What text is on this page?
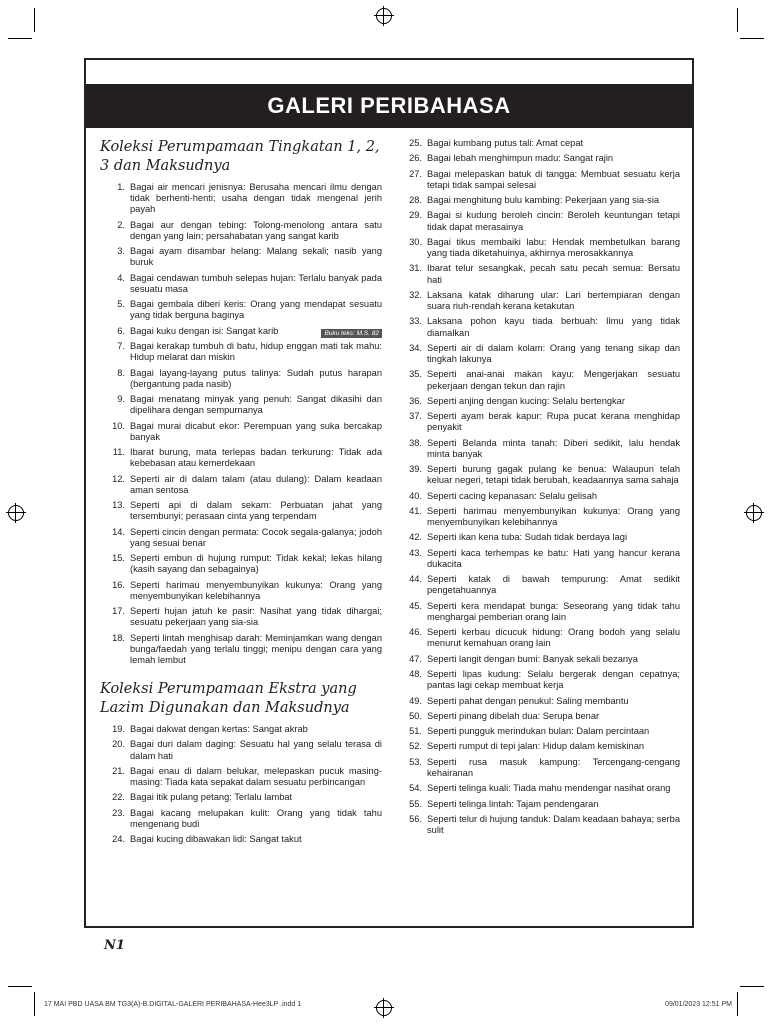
GALERI PERIBAHASA
Koleksi Perumpamaan Tingkatan 1, 2, 3 dan Maksudnya
1. Bagai air mencari jenisnya: Berusaha mencari ilmu dengan tidak berhenti-henti; usaha dengan tidak mengenal jerih payah
2. Bagai aur dengan tebing: Tolong-menolong antara satu dengan yang lain; persahabatan yang sangat karib
3. Bagai ayam disambar helang: Malang sekali; nasib yang buruk
4. Bagai cendawan tumbuh selepas hujan: Terlalu banyak pada sesuatu masa
5. Bagai gembala diberi keris: Orang yang mendapat sesuatu yang tidak berguna baginya
6. Bagai kuku dengan isi: Sangat karib
7. Bagai kerakap tumbuh di batu, hidup enggan mati tak mahu: Hidup melarat dan miskin
8. Bagai layang-layang putus talinya: Sudah putus harapan (bergantung pada nasib)
9. Bagai menatang minyak yang penuh: Sangat dikasihi dan dipelihara dengan sempurnanya
10. Bagai murai dicabut ekor: Perempuan yang suka bercakap banyak
11. Ibarat burung, mata terlepas badan terkurung: Tidak ada kebebasan atau kemerdekaan
12. Seperti air di dalam talam (atau dulang): Dalam keadaan aman sentosa
13. Seperti api di dalam sekam: Perbuatan jahat yang tersembunyi; perasaan cinta yang terpendam
14. Seperti cincin dengan permata: Cocok segala-galanya; jodoh yang sesuai benar
15. Seperti embun di hujung rumput: Tidak kekal; lekas hilang (kasih sayang dan sebagainya)
16. Seperti harimau menyembunyikan kukunya: Orang yang menyembunyikan kelebihannya
17. Seperti hujan jatuh ke pasir: Nasihat yang tidak dihargai; sesuatu pekerjaan yang sia-sia
18. Seperti lintah menghisap darah: Meminjamkan wang dengan bunga/faedah yang terlalu tinggi; menipu dengan cara yang lemah lembut
Koleksi Perumpamaan Ekstra yang Lazim Digunakan dan Maksudnya
19. Bagai dakwat dengan kertas: Sangat akrab
20. Bagai duri dalam daging: Sesuatu hal yang selalu terasa di dalam hati
21. Bagai enau di dalam belukar, melepaskan pucuk masing-masing: Tiada kata sepakat dalam sesuatu perbincangan
22. Bagai itik pulang petang: Terlalu lambat
23. Bagai kacang melupakan kulit: Orang yang tidak tahu mengenang budi
24. Bagai kucing dibawakan lidi: Sangat takut
Buku teks: M.S. 82
25. Bagai kumbang putus tali: Amat cepat
26. Bagai lebah menghimpun madu: Sangat rajin
27. Bagai melepaskan batuk di tangga: Membuat sesuatu kerja tetapi tidak sampai selesai
28. Bagai menghitung bulu kambing: Pekerjaan yang sia-sia
29. Bagai si kudung beroleh cincin: Beroleh keuntungan tetapi tidak dapat merasainya
30. Bagai tikus membaiki labu: Hendak membetulkan barang yang tiada diketahuinya, akhirnya merosakkannya
31. Ibarat telur sesangkak, pecah satu pecah semua: Bersatu hati
32. Laksana katak diharung ular: Lari bertempiaran dengan suara riuh-rendah kerana ketakutan
33. Laksana pohon kayu tiada berbuah: Ilmu yang tidak diamalkan
34. Seperti air di dalam kolam: Orang yang tenang sikap dan tingkah lakunya
35. Seperti anai-anai makan kayu: Mengerjakan sesuatu pekerjaan dengan tekun dan rajin
36. Seperti anjing dengan kucing: Selalu bertengkar
37. Seperti ayam berak kapur: Rupa pucat kerana menghidap penyakit
38. Seperti Belanda minta tanah: Diberi sedikit, lalu hendak minta banyak
39. Seperti burung gagak pulang ke benua: Walaupun telah keluar negeri, tetapi tidak berubah, keadaannya sama sahaja
40. Seperti cacing kepanasan: Selalu gelisah
41. Seperti harimau menyembunyikan kukunya: Orang yang menyembunyikan kelebihannya
42. Seperti ikan kena tuba: Sudah tidak berdaya lagi
43. Seperti kaca terhempas ke batu: Hati yang hancur kerana dukacita
44. Seperti katak di bawah tempurung: Amat sedikit pengetahuannya
45. Seperti kera mendapat bunga: Seseorang yang tidak tahu menghargai pemberian orang lain
46. Seperti kerbau dicucuk hidung: Orang bodoh yang selalu menurut kemahuan orang lain
47. Seperti langit dengan bumi: Banyak sekali bezanya
48. Seperti lipas kudung: Selalu bergerak dengan cepatnya; pantas lagi cekap membuat kerja
49. Seperti pahat dengan penukul: Saling membantu
50. Seperti pinang dibelah dua: Serupa benar
51. Seperti pungguk merindukan bulan: Dalam percintaan
52. Seperti rumput di tepi jalan: Hidup dalam kemiskinan
53. Seperti rusa masuk kampung: Tercengang-cengang kehairanan
54. Seperti telinga kuali: Tiada mahu mendengar nasihat orang
55. Seperti telinga lintah: Tajam pendengaran
56. Seperti telur di hujung tanduk: Dalam keadaan bahaya; serba sulit
N1
17 MAI PBD UASA BM TG3(A)-B.DIGITAL-GALERI PERIBAHASA-Hee3LP .indd 1	09/01/2023 12:51 PM
